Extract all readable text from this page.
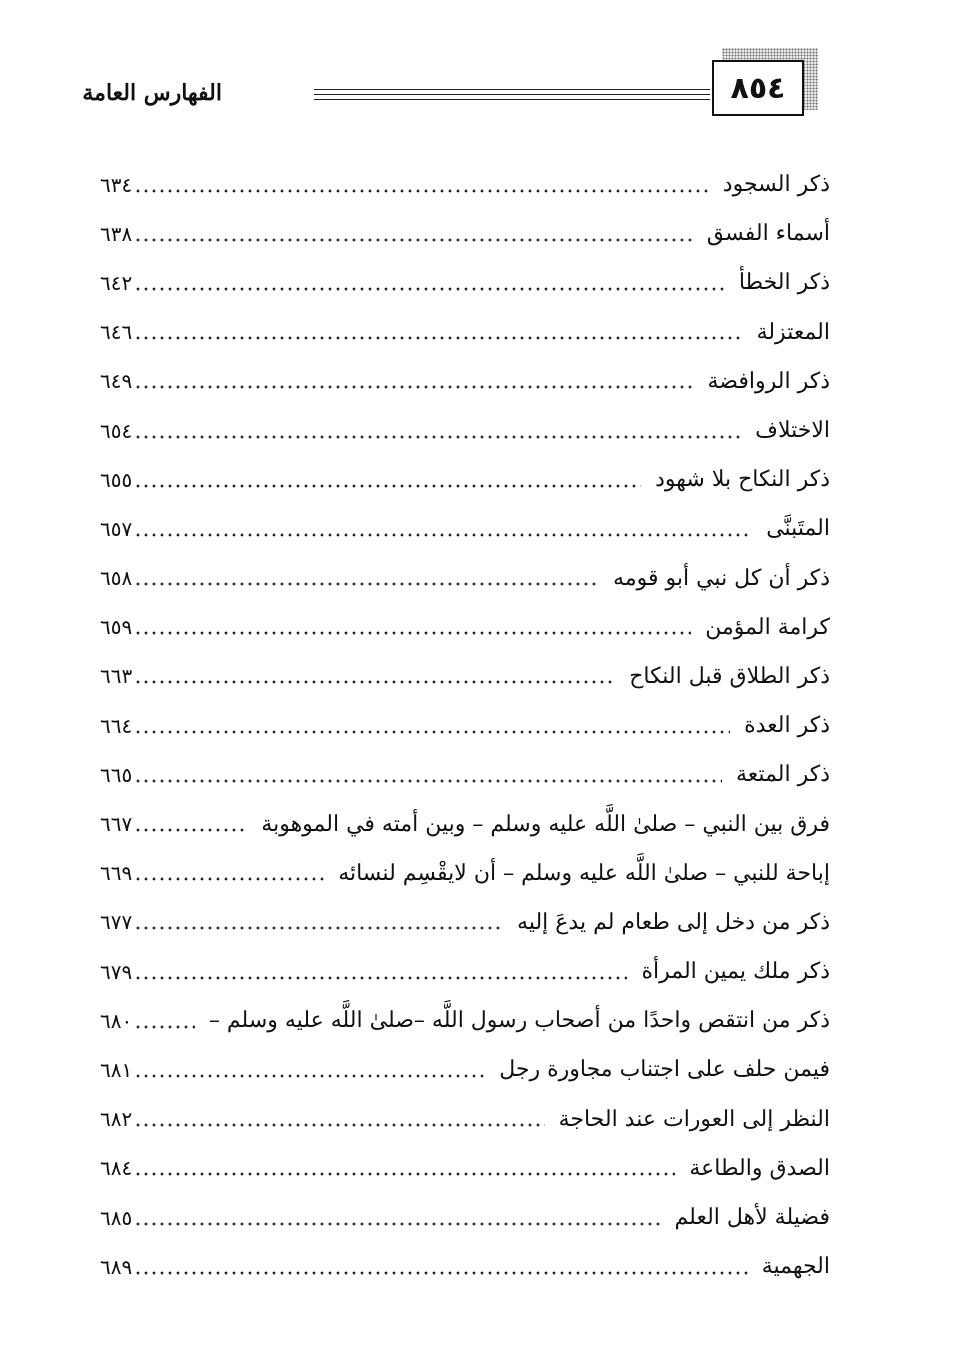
٨٥٤
الفهارس العامة
ذكر السجود
٦٣٤
أسماء الفسق
٦٣٨
ذكر الخطأ
٦٤٢
المعتزلة
٦٤٦
ذكر الروافضة
٦٤٩
الاختلاف
٦٥٤
ذكر النكاح بلا شهود
٦٥٥
المتَبنَّى
٦٥٧
ذكر أن كل نبي أبو قومه
٦٥٨
كرامة المؤمن
٦٥٩
ذكر الطلاق قبل النكاح
٦٦٣
ذكر العدة
٦٦٤
ذكر المتعة
٦٦٥
فرق بين النبي – صلىٰ اللَّه عليه وسلم – وبين أمته في الموهوبة
٦٦٧
إباحة للنبي – صلىٰ اللَّه عليه وسلم – أن لايقْسِم لنسائه
٦٦٩
ذكر من دخل إلى طعام لم يدعَ إليه
٦٧٧
ذكر ملك يمين المرأة
٦٧٩
ذكر من انتقص واحدًا من أصحاب رسول اللَّه –صلىٰ اللَّه عليه وسلم –
٦٨٠
فيمن حلف على اجتناب مجاورة رجل
٦٨١
النظر إلى العورات عند الحاجة
٦٨٢
الصدق والطاعة
٦٨٤
فضيلة لأهل العلم
٦٨٥
الجهمية
٦٨٩
